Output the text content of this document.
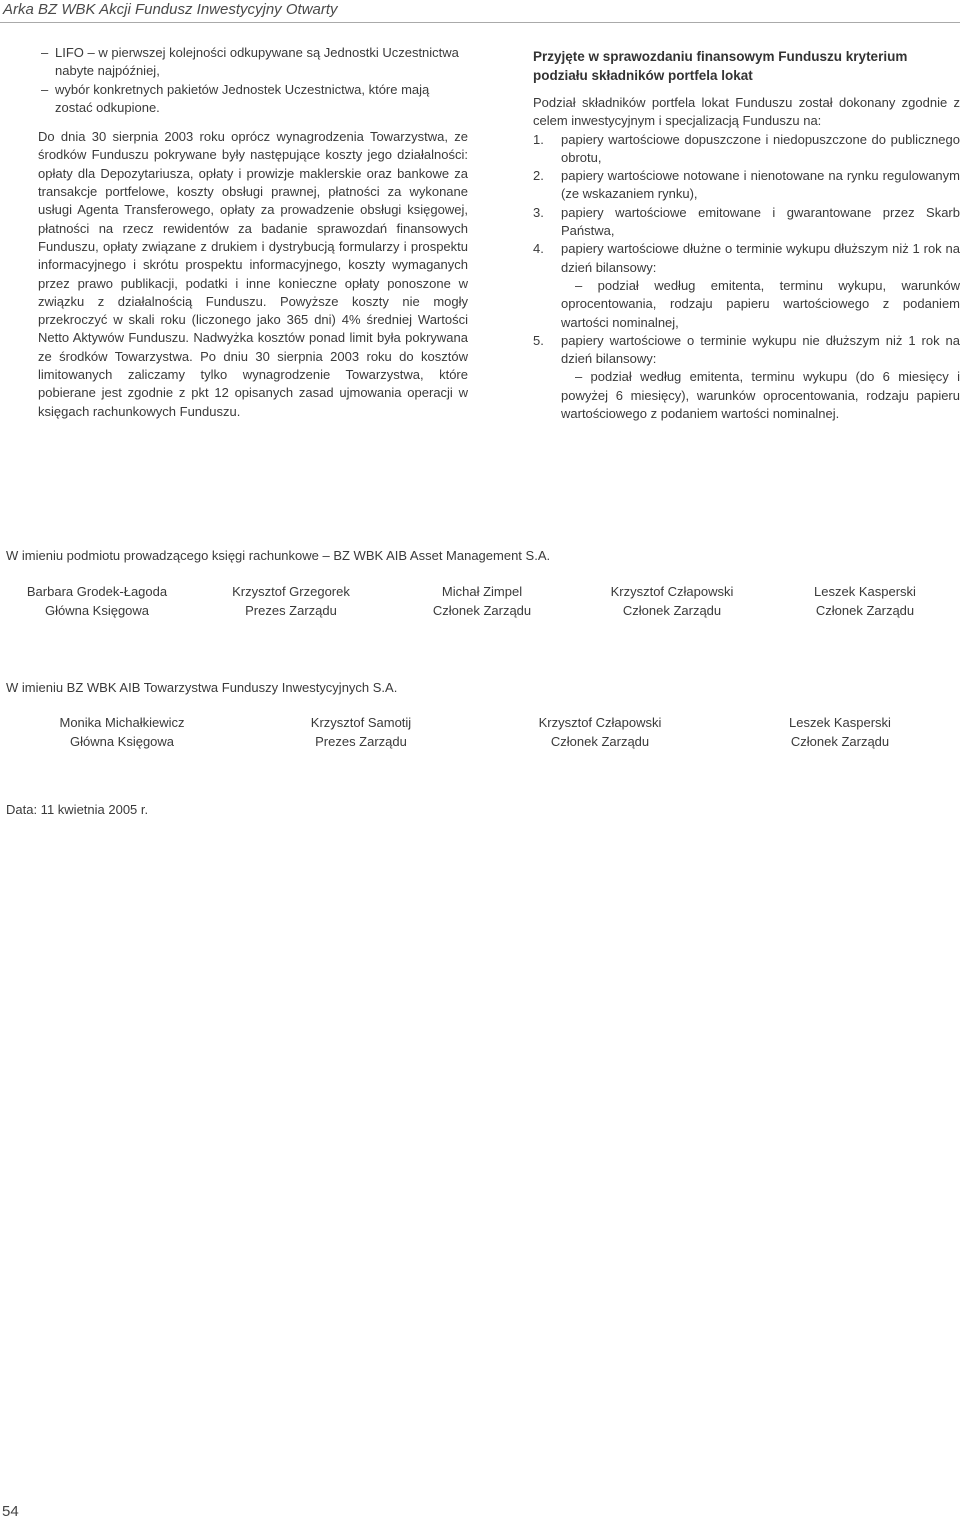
Arka BZ WBK Akcji Fundusz Inwestycyjny Otwarty
– LIFO – w pierwszej kolejności odkupywane są Jednostki Uczestnictwa nabyte najpóźniej,
– wybór konkretnych pakietów Jednostek Uczestnictwa, które mają zostać odkupione.
Do dnia 30 sierpnia 2003 roku oprócz wynagrodzenia Towarzystwa, ze środków Funduszu pokrywane były następujące koszty jego działalności: opłaty dla Depozytariusza, opłaty i prowizje maklerskie oraz bankowe za transakcje portfelowe, koszty obsługi prawnej, płatności za wykonane usługi Agenta Transferowego, opłaty za prowadzenie obsługi księgowej, płatności na rzecz rewidentów za badanie sprawozdań finansowych Funduszu, opłaty związane z drukiem i dystrybucją formularzy i prospektu informacyjnego i skrótu prospektu informacyjnego, koszty wymaganych przez prawo publikacji, podatki i inne konieczne opłaty ponoszone w związku z działalnością Funduszu. Powyższe koszty nie mogły przekroczyć w skali roku (liczonego jako 365 dni) 4% średniej Wartości Netto Aktywów Funduszu. Nadwyżka kosztów ponad limit była pokrywana ze środków Towarzystwa. Po dniu 30 sierpnia 2003 roku do kosztów limitowanych zaliczamy tylko wynagrodzenie Towarzystwa, które pobierane jest zgodnie z pkt 12 opisanych zasad ujmowania operacji w księgach rachunkowych Funduszu.
Przyjęte w sprawozdaniu finansowym Funduszu kryterium podziału składników portfela lokat
Podział składników portfela lokat Funduszu został dokonany zgodnie z celem inwestycyjnym i specjalizacją Funduszu na:
1. papiery wartościowe dopuszczone i niedopuszczone do publicznego obrotu,
2. papiery wartościowe notowane i nienotowane na rynku regulowanym (ze wskazaniem rynku),
3. papiery wartościowe emitowane i gwarantowane przez Skarb Państwa,
4. papiery wartościowe dłużne o terminie wykupu dłuższym niż 1 rok na dzień bilansowy:
– podział według emitenta, terminu wykupu, warunków oprocentowania, rodzaju papieru wartościowego z podaniem wartości nominalnej,
5. papiery wartościowe o terminie wykupu nie dłuższym niż 1 rok na dzień bilansowy:
– podział według emitenta, terminu wykupu (do 6 miesięcy i powyżej 6 miesięcy), warunków oprocentowania, rodzaju papieru wartościowego z podaniem wartości nominalnej.
W imieniu podmiotu prowadzącego księgi rachunkowe – BZ WBK AIB Asset Management S.A.
Barbara Grodek-Łagoda
Główna Księgowa
Krzysztof Grzegorek
Prezes Zarządu
Michał Zimpel
Członek Zarządu
Krzysztof Człapowski
Członek Zarządu
Leszek Kasperski
Członek Zarządu
W imieniu BZ WBK AIB Towarzystwa Funduszy Inwestycyjnych S.A.
Monika Michałkiewicz
Główna Księgowa
Krzysztof Samotij
Prezes Zarządu
Krzysztof Człapowski
Członek Zarządu
Leszek Kasperski
Członek Zarządu
Data: 11 kwietnia 2005 r.
54
